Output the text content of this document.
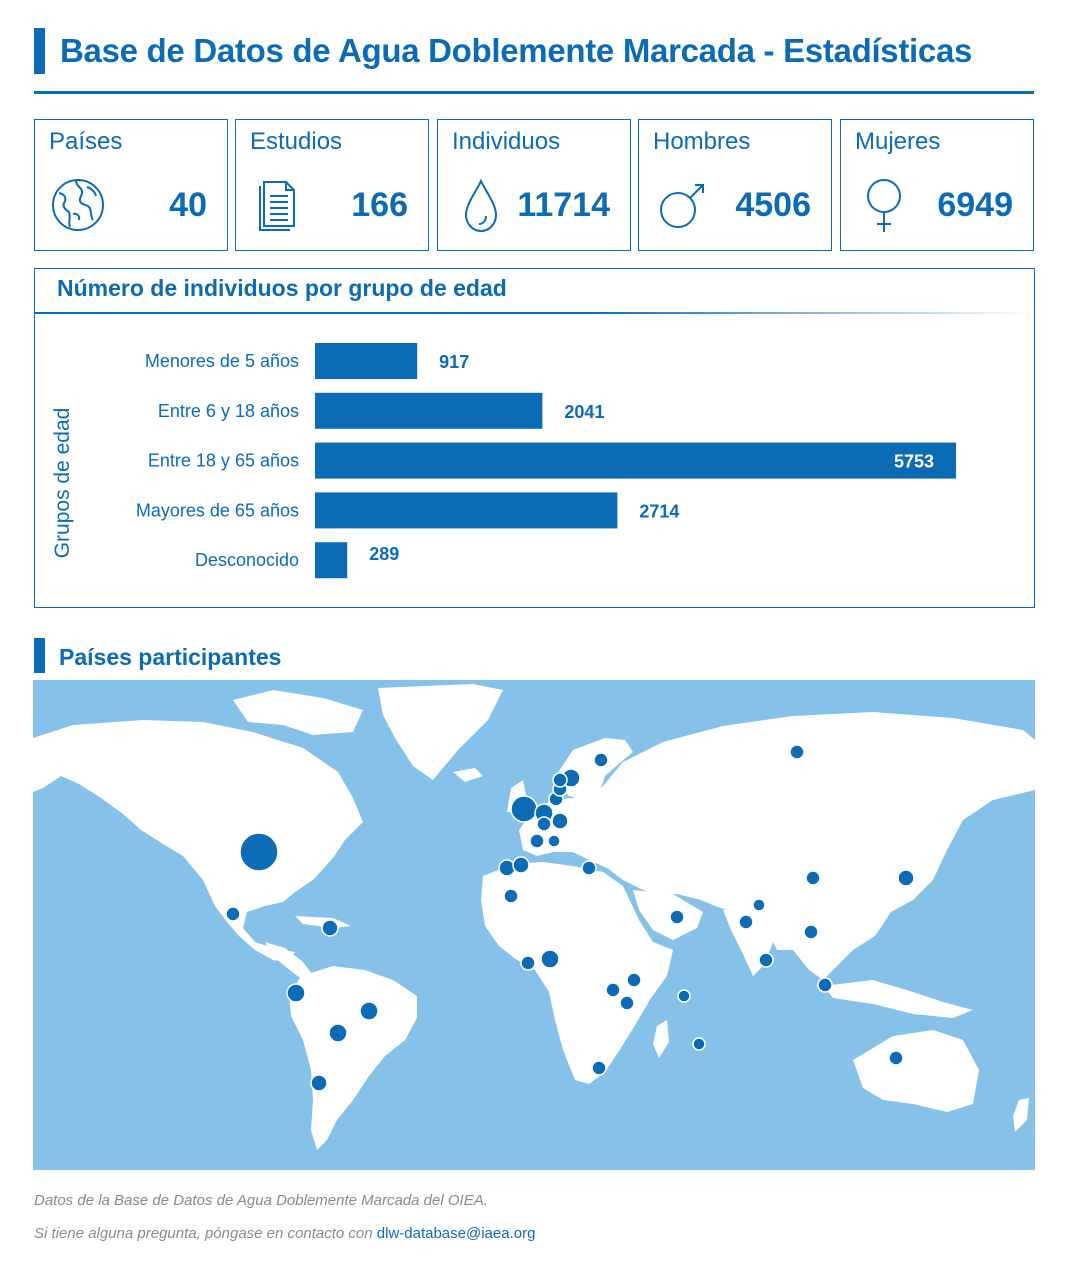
Base de Datos de Agua Doblemente Marcada - Estadísticas
Países
40
Estudios
166
Individuos
11714
Hombres
4506
Mujeres
6949
Número de individuos por grupo de edad
Grupos de edad
Menores de 5 años	917
Entre 6 y 18 años	2041
Entre 18 y 65 años	5753
Mayores de 65 años	2714
Desconocido	289
Países participantes
Datos de la Base de Datos de Agua Doblemente Marcada del OIEA.
Si tiene alguna pregunta, póngase en contacto con dlw-database@iaea.org
